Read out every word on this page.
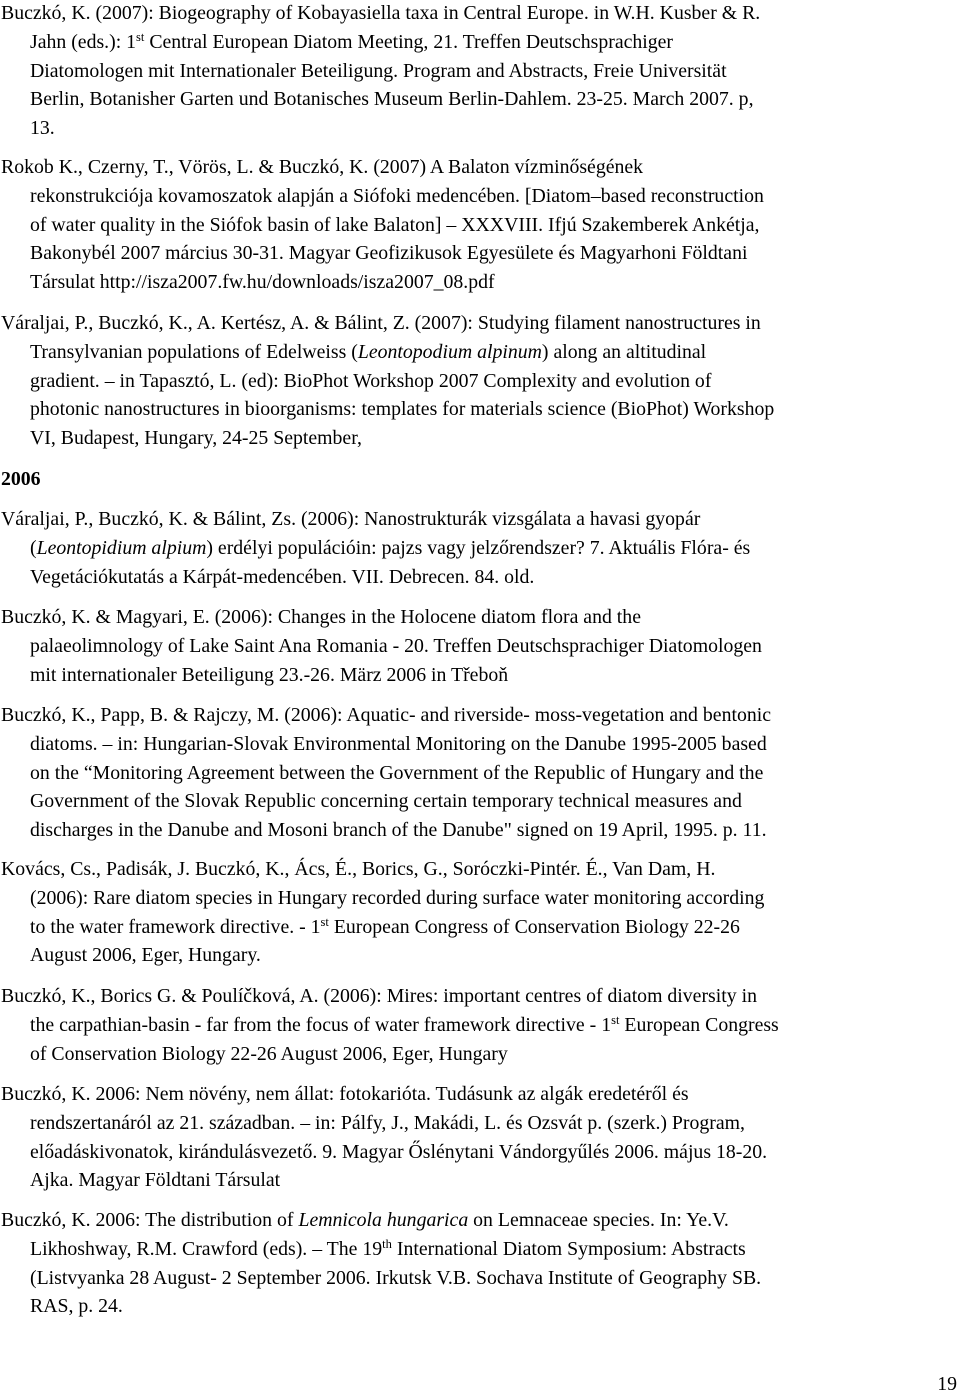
Buczkó, K. (2007): Biogeography of Kobayasiella taxa in Central Europe. in W.H. Kusber & R.
Jahn (eds.): 1st Central European Diatom Meeting, 21. Treffen Deutschsprachiger
Diatomologen mit Internationaler Beteiligung. Program and Abstracts, Freie Universität
Berlin, Botanisher Garten und Botanisches Museum Berlin-Dahlem. 23-25. March 2007. p,
13.
Rokob K., Czerny, T., Vörös, L. & Buczkó, K. (2007) A Balaton vízminőségének
rekonstrukciója kovamoszatok alapján a Siófoki medencében. [Diatom–based reconstruction
of water quality in the Siófok basin of lake Balaton] – XXXVIII. Ifjú Szakemberek Ankétja,
Bakonybél 2007 március 30-31. Magyar Geofizikusok Egyesülete és Magyarhoni Földtani
Társulat http://isza2007.fw.hu/downloads/isza2007_08.pdf
Váraljai, P., Buczkó, K., A. Kertész, A. & Bálint, Z. (2007): Studying filament nanostructures in
Transylvanian populations of Edelweiss (Leontopodium alpinum) along an altitudinal
gradient. – in Tapasztó, L. (ed): BioPhot Workshop 2007 Complexity and evolution of
photonic nanostructures in bioorganisms: templates for materials science (BioPhot) Workshop
VI, Budapest, Hungary, 24-25 September,
2006
Váraljai, P., Buczkó, K. & Bálint, Zs. (2006): Nanostrukturák vizsgálata a havasi gyopár
(Leontopidium alpium) erdélyi populációin: pajzs vagy jelzőrendszer? 7. Aktuális Flóra- és
Vegetációkutatás a Kárpát-medencében. VII. Debrecen. 84. old.
Buczkó, K. & Magyari, E. (2006): Changes in the Holocene diatom flora and the
palaeolimnology of Lake Saint Ana Romania - 20. Treffen Deutschsprachiger Diatomologen
mit internationaler Beteiligung 23.-26. März 2006 in Třeboň
Buczkó, K., Papp, B. & Rajczy, M. (2006): Aquatic- and riverside- moss-vegetation and bentonic
diatoms. – in: Hungarian-Slovak Environmental Monitoring on the Danube 1995-2005 based
on the “Monitoring Agreement between the Government of the Republic of Hungary and the
Government of the Slovak Republic concerning certain temporary technical measures and
discharges in the Danube and Mosoni branch of the Danube" signed on 19 April, 1995. p. 11.
Kovács, Cs., Padisák, J. Buczkó, K., Ács, É., Borics, G., Soróczki-Pintér. É., Van Dam, H.
(2006): Rare diatom species in Hungary recorded during surface water monitoring according
to the water framework directive. - 1st European Congress of Conservation Biology 22-26
August 2006, Eger, Hungary.
Buczkó, K., Borics G. & Poulíčková, A. (2006): Mires: important centres of diatom diversity in
the carpathian-basin - far from the focus of water framework directive - 1st European Congress
of Conservation Biology 22-26 August 2006, Eger, Hungary
Buczkó, K. 2006: Nem növény, nem állat: fotokarióta. Tudásunk az algák eredetéről és
rendszertanáról az 21. században. – in: Pálfy, J., Makádi, L. és Ozsvát p. (szerk.) Program,
előadáskivonatok, kirándulásvezető. 9. Magyar Őslénytani Vándorgyűlés 2006. május 18-20.
Ajka. Magyar Földtani Társulat
Buczkó, K. 2006: The distribution of Lemnicola hungarica on Lemnaceae species. In: Ye.V.
Likhoshway, R.M. Crawford (eds). – The 19th International Diatom Symposium: Abstracts
(Listvyanka 28 August- 2 September 2006. Irkutsk V.B. Sochava Institute of Geography SB.
RAS, p. 24.
19
